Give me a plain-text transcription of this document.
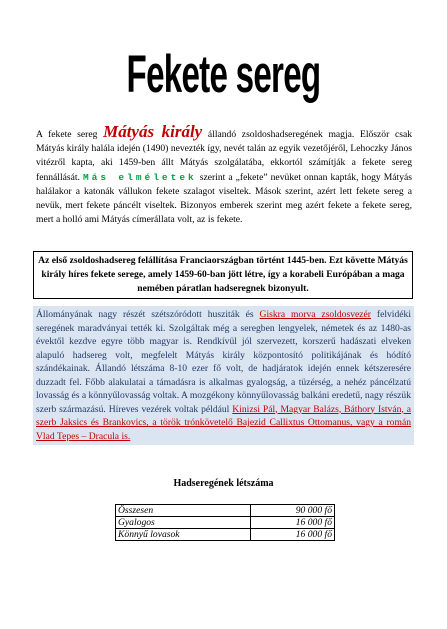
Fekete sereg
A fekete sereg Mátyás király állandó zsoldoshadseregének magja. Először csak Mátyás király halála idején (1490) nevezték így, nevét talán az egyik vezetőjéről, Lehoczky János vitézről kapta, aki 1459-ben állt Mátyás szolgálatába, ekkortól számítják a fekete sereg fennállását. Más elméletek szerint a „fekete” nevüket onnan kapták, hogy Mátyás halálakor a katonák vállukon fekete szalagot viseltek. Mások szerint, azért lett fekete sereg a nevük, mert fekete páncélt viseltek. Bizonyos emberek szerint meg azért fekete a fekete sereg, mert a holló ami Mátyás címerállata volt, az is fekete.
Az első zsoldoshadsereg felállítása Franciaországban történt 1445-ben. Ezt követte Mátyás király híres fekete serege, amely 1459-60-ban jött létre, így a korabeli Európában a maga nemében páratlan hadseregnek bizonyult.
Állományának nagy részét szétszóródott husziták és Giskra morva zsoldosvezér felvidéki seregének maradványai tették ki. Szolgáltak még a seregben lengyelek, németek és az 1480-as évektől kezdve egyre több magyar is. Rendkívül jól szervezett, korszerű hadászati elveken alapuló hadsereg volt, megfelelt Mátyás király központosító politikájának és hódító szándékainak. Állandó létszáma 8-10 ezer fő volt, de hadjáratok idején ennek kétszeresére duzzadt fel. Főbb alakulatai a támadásra is alkalmas gyalogság, a tüzérség, a nehéz páncélzatú lovasság és a könnyűlovasság voltak. A mozgékony könnyűlovasság balkáni eredetű, nagy részük szerb származású. Híreves vezérek voltak például Kinizsi Pál, Magyar Balázs, Báthory István, a szerb Jaksics és Brankovics, a török trónkövetelő Bajezid Callixtus Ottomanus, vagy a román Vlad Tepes – Dracula is.
Hadseregének létszáma
Összesen	90 000 fő
Gyalogos	16 000 fő
Könnyű lovasok	16 000 fő
